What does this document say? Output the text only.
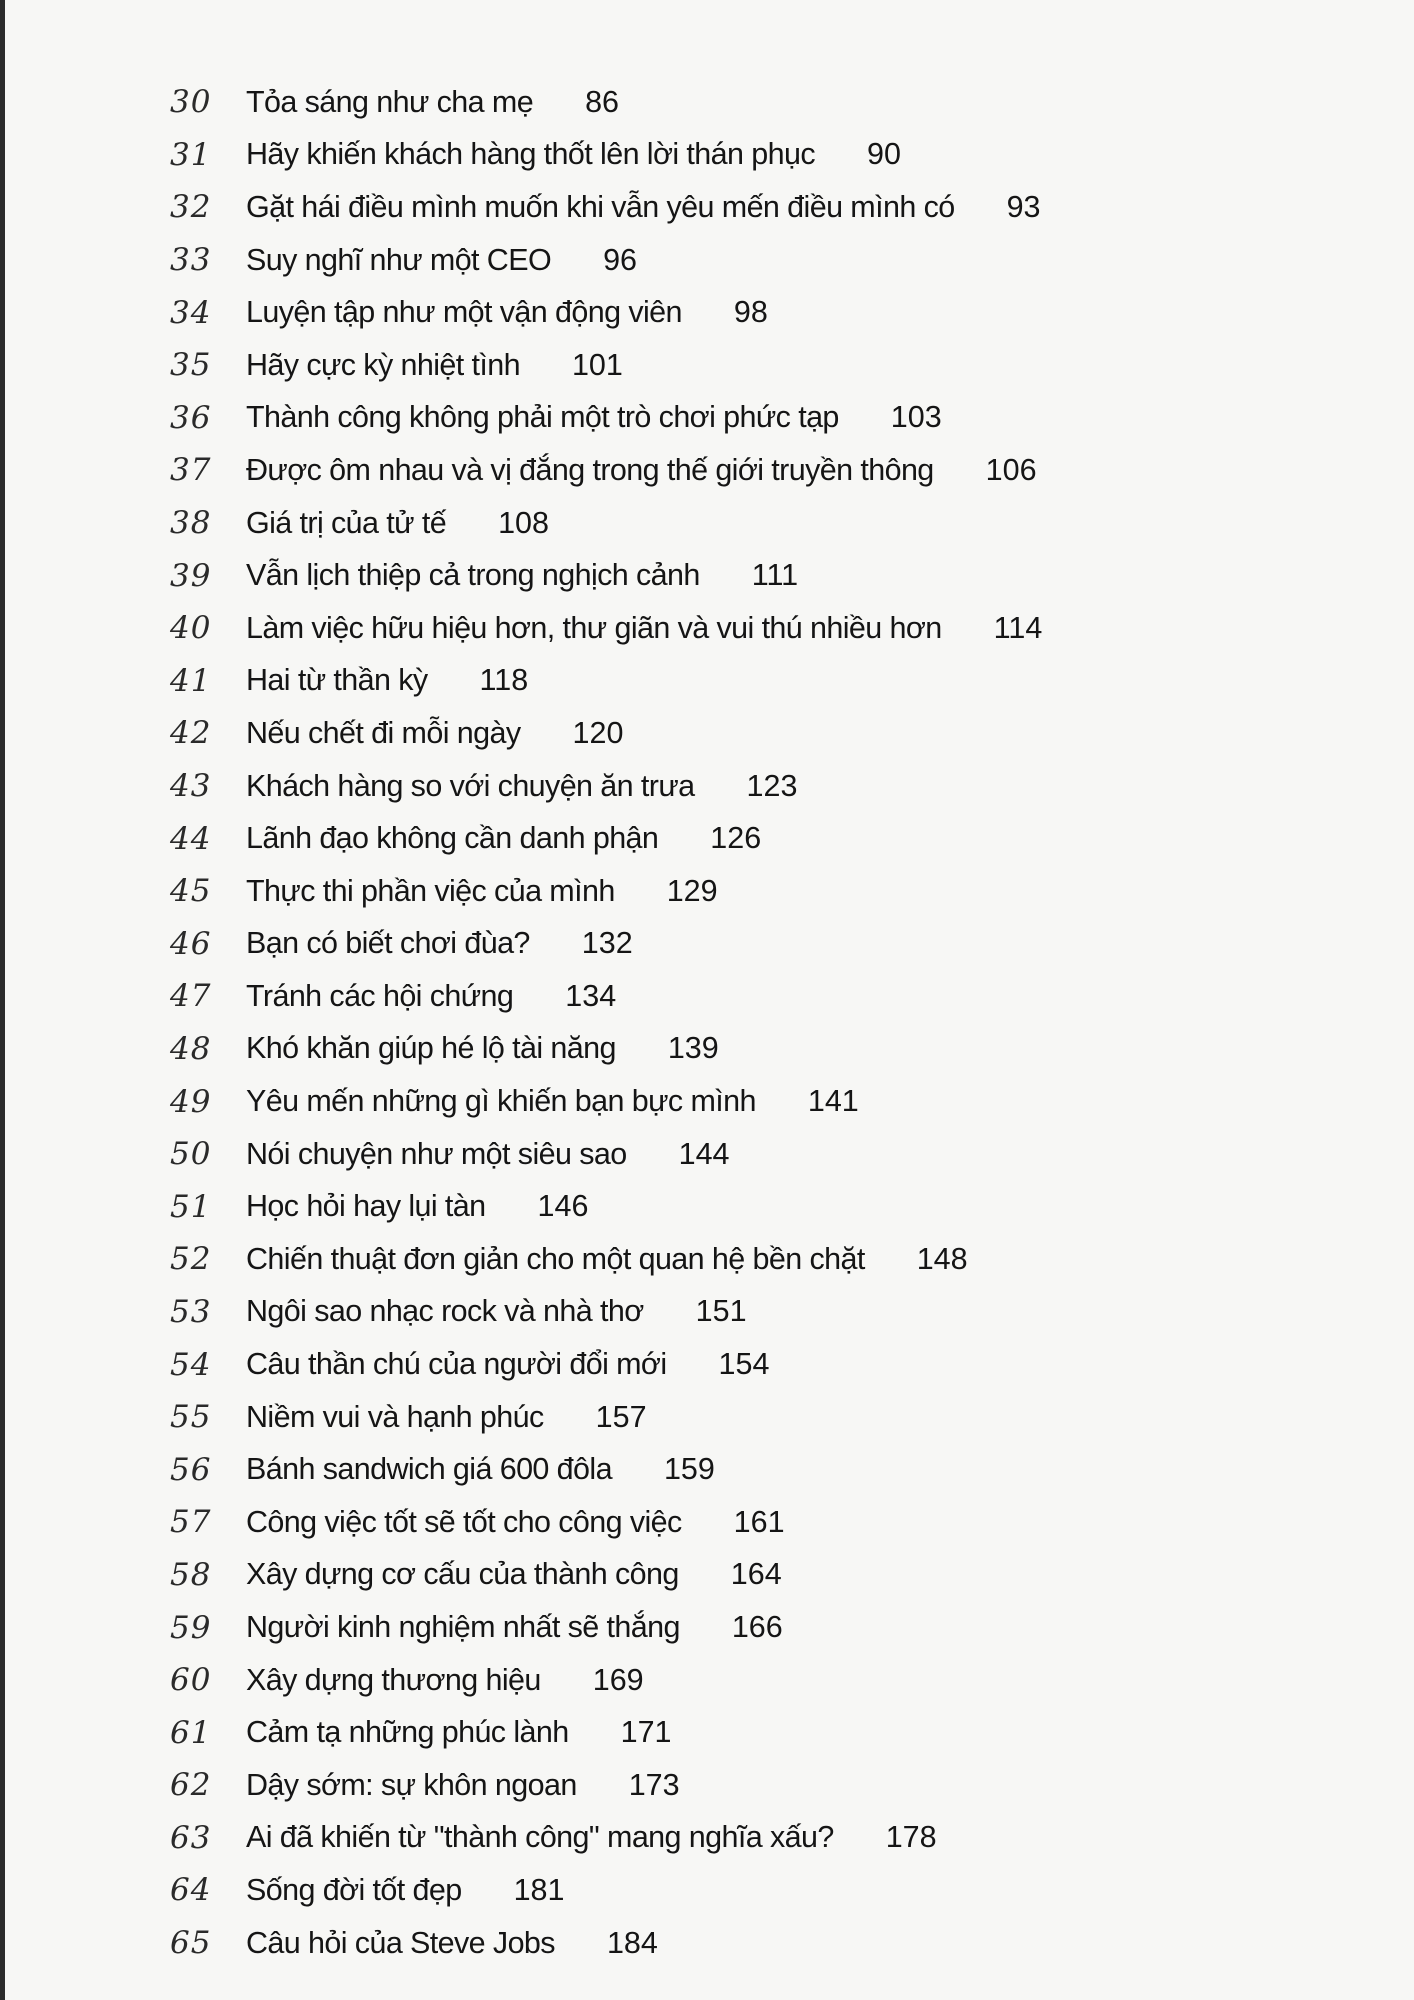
30	Tỏa sáng như cha mẹ 86
31	Hãy khiến khách hàng thốt lên lời thán phục 90
32	Gặt hái điều mình muốn khi vẫn yêu mến điều mình có 93
33	Suy nghĩ như một CEO 96
34	Luyện tập như một vận động viên 98
35	Hãy cực kỳ nhiệt tình 101
36	Thành công không phải một trò chơi phức tạp 103
37	Được ôm nhau và vị đắng trong thế giới truyền thông 106
38	Giá trị của tử tế 108
39	Vẫn lịch thiệp cả trong nghịch cảnh 111
40	Làm việc hữu hiệu hơn, thư giãn và vui thú nhiều hơn 114
41	Hai từ thần kỳ 118
42	Nếu chết đi mỗi ngày 120
43	Khách hàng so với chuyện ăn trưa 123
44	Lãnh đạo không cần danh phận 126
45	Thực thi phần việc của mình 129
46	Bạn có biết chơi đùa? 132
47	Tránh các hội chứng 134
48	Khó khăn giúp hé lộ tài năng 139
49	Yêu mến những gì khiến bạn bực mình 141
50	Nói chuyện như một siêu sao 144
51	Học hỏi hay lụi tàn 146
52	Chiến thuật đơn giản cho một quan hệ bền chặt 148
53	Ngôi sao nhạc rock và nhà thơ 151
54	Câu thần chú của người đổi mới 154
55	Niềm vui và hạnh phúc 157
56	Bánh sandwich giá 600 đôla 159
57	Công việc tốt sẽ tốt cho công việc 161
58	Xây dựng cơ cấu của thành công 164
59	Người kinh nghiệm nhất sẽ thắng 166
60	Xây dựng thương hiệu 169
61	Cảm tạ những phúc lành 171
62	Dậy sớm: sự khôn ngoan 173
63	Ai đã khiến từ "thành công" mang nghĩa xấu? 178
64	Sống đời tốt đẹp 181
65	Câu hỏi của Steve Jobs 184
